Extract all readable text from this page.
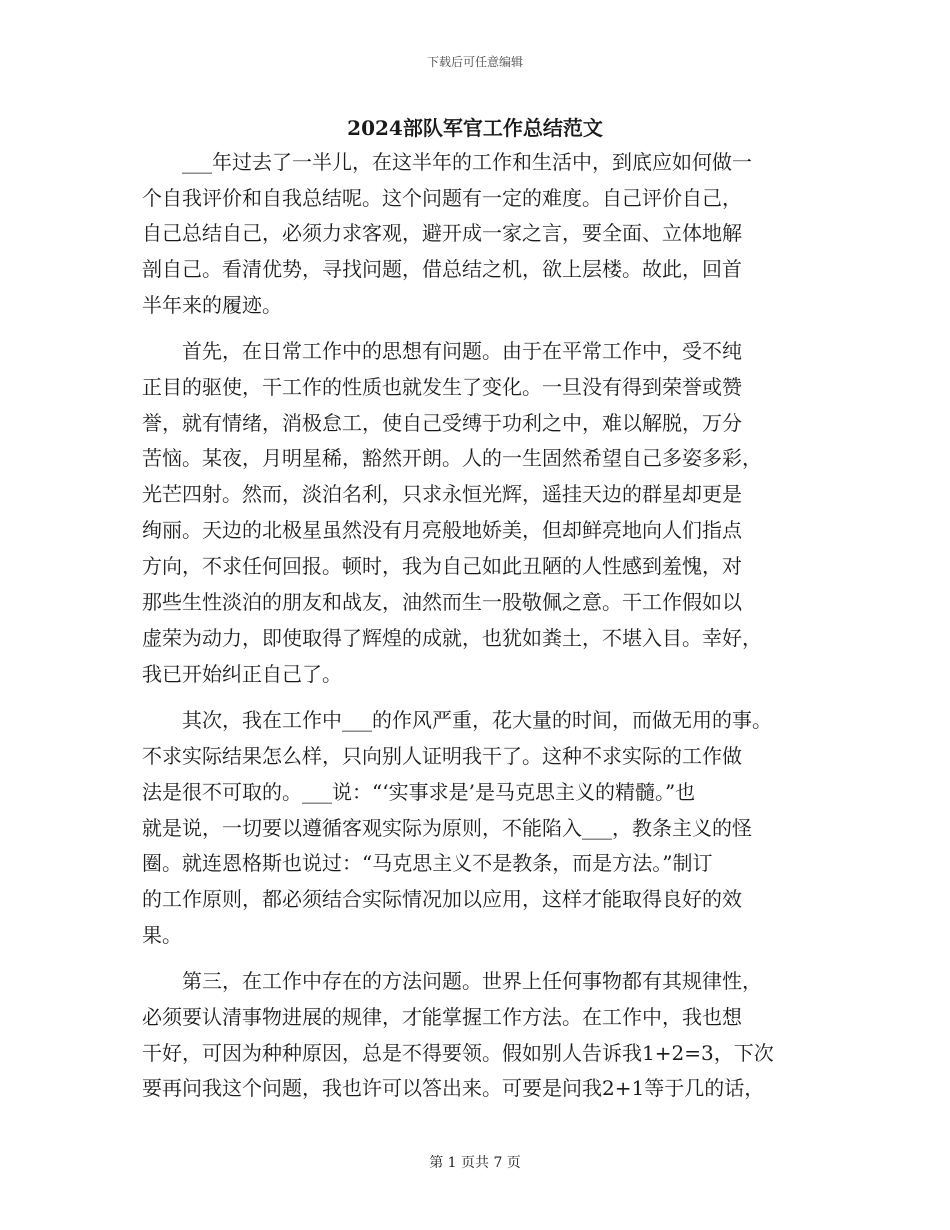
下载后可任意编辑
2024部队军官工作总结范文
　　___年过去了一半儿，在这半年的工作和生活中，到底应如何做一
个自我评价和自我总结呢。这个问题有一定的难度。自己评价自己，
自己总结自己，必须力求客观，避开成一家之言，要全面、立体地解
剖自己。看清优势，寻找问题，借总结之机，欲上层楼。故此，回首
半年来的履迹。
　　首先，在日常工作中的思想有问题。由于在平常工作中，受不纯
正目的驱使，干工作的性质也就发生了变化。一旦没有得到荣誉或赞
誉，就有情绪，消极怠工，使自己受缚于功利之中，难以解脱，万分
苦恼。某夜，月明星稀，豁然开朗。人的一生固然希望自己多姿多彩，
光芒四射。然而，淡泊名利，只求永恒光辉，遥挂天边的群星却更是
绚丽。天边的北极星虽然没有月亮般地娇美，但却鲜亮地向人们指点
方向，不求任何回报。顿时，我为自己如此丑陋的人性感到羞愧，对
那些生性淡泊的朋友和战友，油然而生一股敬佩之意。干工作假如以
虚荣为动力，即使取得了辉煌的成就，也犹如粪土，不堪入目。幸好，
我已开始纠正自己了。
　　其次，我在工作中___的作风严重，花大量的时间，而做无用的事。
不求实际结果怎么样，只向别人证明我干了。这种不求实际的工作做
法是很不可取的。___说：“‘实事求是’是马克思主义的精髓。”也
就是说，一切要以遵循客观实际为原则，不能陷入___，教条主义的怪
圈。就连恩格斯也说过：“马克思主义不是教条，而是方法。”制订
的工作原则，都必须结合实际情况加以应用，这样才能取得良好的效
果。
　　第三，在工作中存在的方法问题。世界上任何事物都有其规律性，
必须要认清事物进展的规律，才能掌握工作方法。在工作中，我也想
干好，可因为种种原因，总是不得要领。假如别人告诉我1+2=3，下次
要再问我这个问题，我也许可以答出来。可要是问我2+1等于几的话，
第 1 页共 7 页
